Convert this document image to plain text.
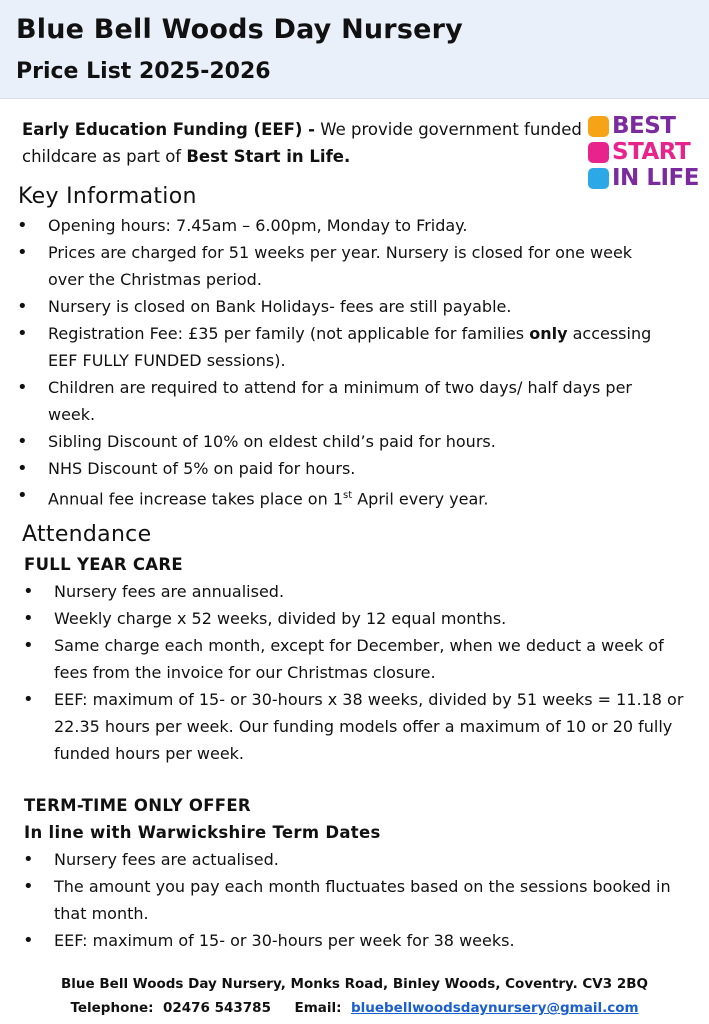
Blue Bell Woods Day Nursery
Price List 2025-2026
Early Education Funding (EEF) - We provide government funded childcare as part of Best Start in Life.
BEST
START
IN LIFE
Key Information
• Opening hours: 7.45am – 6.00pm, Monday to Friday.
• Prices are charged for 51 weeks per year. Nursery is closed for one week over the Christmas period.
• Nursery is closed on Bank Holidays- fees are still payable.
• Registration Fee: £35 per family (not applicable for families only accessing EEF FULLY FUNDED sessions).
• Children are required to attend for a minimum of two days/ half days per week.
• Sibling Discount of 10% on eldest child’s paid for hours.
• NHS Discount of 5% on paid for hours.
• Annual fee increase takes place on 1st April every year.
Attendance
FULL YEAR CARE
• Nursery fees are annualised.
• Weekly charge x 52 weeks, divided by 12 equal months.
• Same charge each month, except for December, when we deduct a week of fees from the invoice for our Christmas closure.
• EEF: maximum of 15- or 30-hours x 38 weeks, divided by 51 weeks = 11.18 or 22.35 hours per week. Our funding models offer a maximum of 10 or 20 fully funded hours per week.
TERM-TIME ONLY OFFER
In line with Warwickshire Term Dates
• Nursery fees are actualised.
• The amount you pay each month fluctuates based on the sessions booked in that month.
• EEF: maximum of 15- or 30-hours per week for 38 weeks.
Blue Bell Woods Day Nursery, Monks Road, Binley Woods, Coventry. CV3 2BQ
Telephone: 02476 543785 Email: bluebellwoodsdaynursery@gmail.com
